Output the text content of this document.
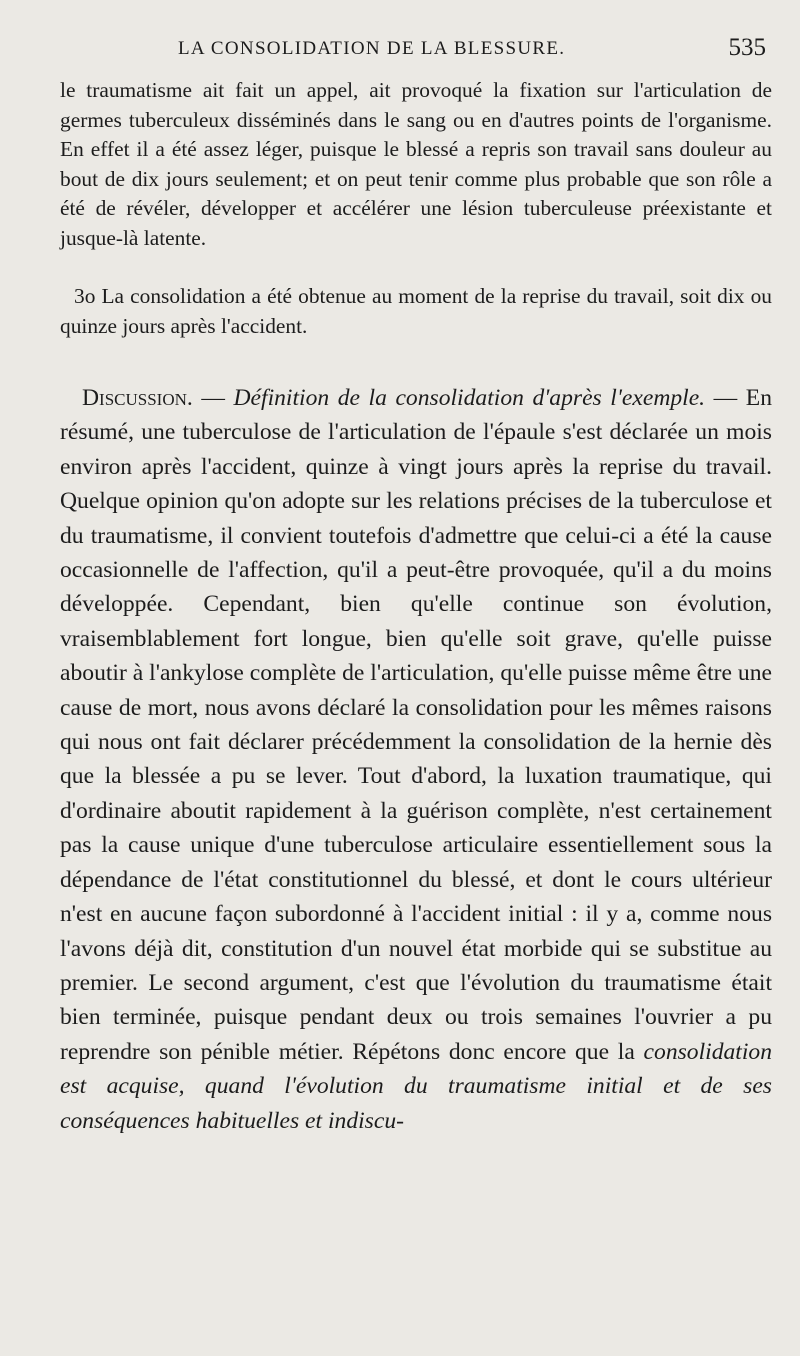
LA CONSOLIDATION DE LA BLESSURE.	535

le traumatisme ait fait un appel, ait provoqué la fixation sur l'articulation de germes tuberculeux disséminés dans le sang ou en d'autres points de l'organisme. En effet il a été assez léger, puisque le blessé a repris son travail sans douleur au bout de dix jours seulement; et on peut tenir comme plus probable que son rôle a été de révéler, développer et accélérer une lésion tuberculeuse préexistante et jusque-là latente.

3o La consolidation a été obtenue au moment de la reprise du travail, soit dix ou quinze jours après l'accident.

Discussion. — Définition de la consolidation d'après l'exemple. — En résumé, une tuberculose de l'articulation de l'épaule s'est déclarée un mois environ après l'accident, quinze à vingt jours après la reprise du travail. Quelque opinion qu'on adopte sur les relations précises de la tuberculose et du traumatisme, il convient toutefois d'admettre que celui-ci a été la cause occasionnelle de l'affection, qu'il a peut-être provoquée, qu'il a du moins développée. Cependant, bien qu'elle continue son évolution, vraisemblablement fort longue, bien qu'elle soit grave, qu'elle puisse aboutir à l'ankylose complète de l'articulation, qu'elle puisse même être une cause de mort, nous avons déclaré la consolidation pour les mêmes raisons qui nous ont fait déclarer précédemment la consolidation de la hernie dès que la blessée a pu se lever. Tout d'abord, la luxation traumatique, qui d'ordinaire aboutit rapidement à la guérison complète, n'est certainement pas la cause unique d'une tuberculose articulaire essentiellement sous la dépendance de l'état constitutionnel du blessé, et dont le cours ultérieur n'est en aucune façon subordonné à l'accident initial : il y a, comme nous l'avons déjà dit, constitution d'un nouvel état morbide qui se substitue au premier. Le second argument, c'est que l'évolution du traumatisme était bien terminée, puisque pendant deux ou trois semaines l'ouvrier a pu reprendre son pénible métier. Répétons donc encore que la consolidation est acquise, quand l'évolution du traumatisme initial et de ses conséquences habituelles et indiscu-
